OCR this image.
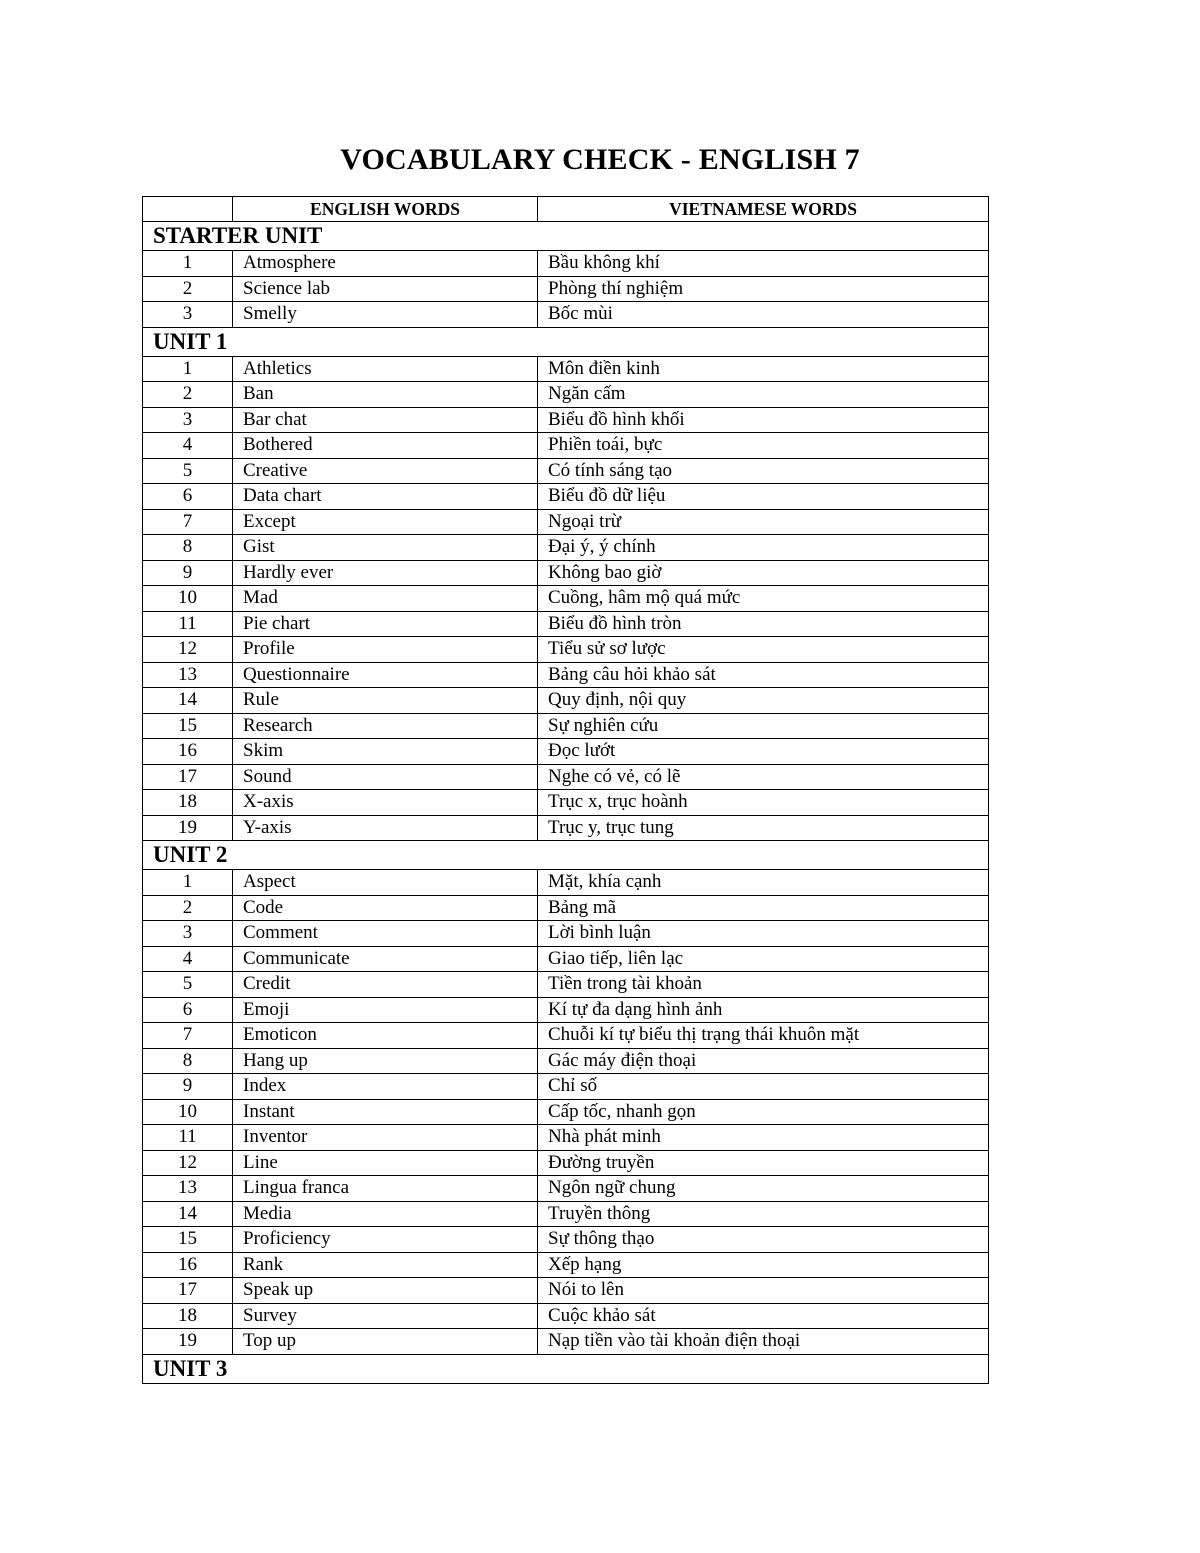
VOCABULARY CHECK - ENGLISH 7
	ENGLISH WORDS	VIETNAMESE WORDS
STARTER UNIT		
1	Atmosphere	Bầu không khí
2	Science lab	Phòng thí nghiệm
3	Smelly	Bốc mùi
UNIT 1		
1	Athletics	Môn điền kinh
2	Ban	Ngăn cấm
3	Bar chat	Biểu đồ hình khối
4	Bothered	Phiền toái, bực
5	Creative	Có tính sáng tạo
6	Data chart	Biểu đồ dữ liệu
7	Except	Ngoại trừ
8	Gist	Đại ý, ý chính
9	Hardly ever	Không bao giờ
10	Mad	Cuồng, hâm mộ quá mức
11	Pie chart	Biểu đồ hình tròn
12	Profile	Tiểu sử sơ lược
13	Questionnaire	Bảng câu hỏi khảo sát
14	Rule	Quy định, nội quy
15	Research	Sự nghiên cứu
16	Skim	Đọc lướt
17	Sound	Nghe có vẻ, có lẽ
18	X-axis	Trục x, trục hoành
19	Y-axis	Trục y, trục tung
UNIT 2		
1	Aspect	Mặt, khía cạnh
2	Code	Bảng mã
3	Comment	Lời bình luận
4	Communicate	Giao tiếp, liên lạc
5	Credit	Tiền trong tài khoản
6	Emoji	Kí tự đa dạng hình ảnh
7	Emoticon	Chuỗi kí tự biểu thị trạng thái khuôn mặt
8	Hang up	Gác máy điện thoại
9	Index	Chỉ số
10	Instant	Cấp tốc, nhanh gọn
11	Inventor	Nhà phát minh
12	Line	Đường truyền
13	Lingua franca	Ngôn ngữ chung
14	Media	Truyền thông
15	Proficiency	Sự thông thạo
16	Rank	Xếp hạng
17	Speak up	Nói to lên
18	Survey	Cuộc khảo sát
19	Top up	Nạp tiền vào tài khoản điện thoại
UNIT 3		
